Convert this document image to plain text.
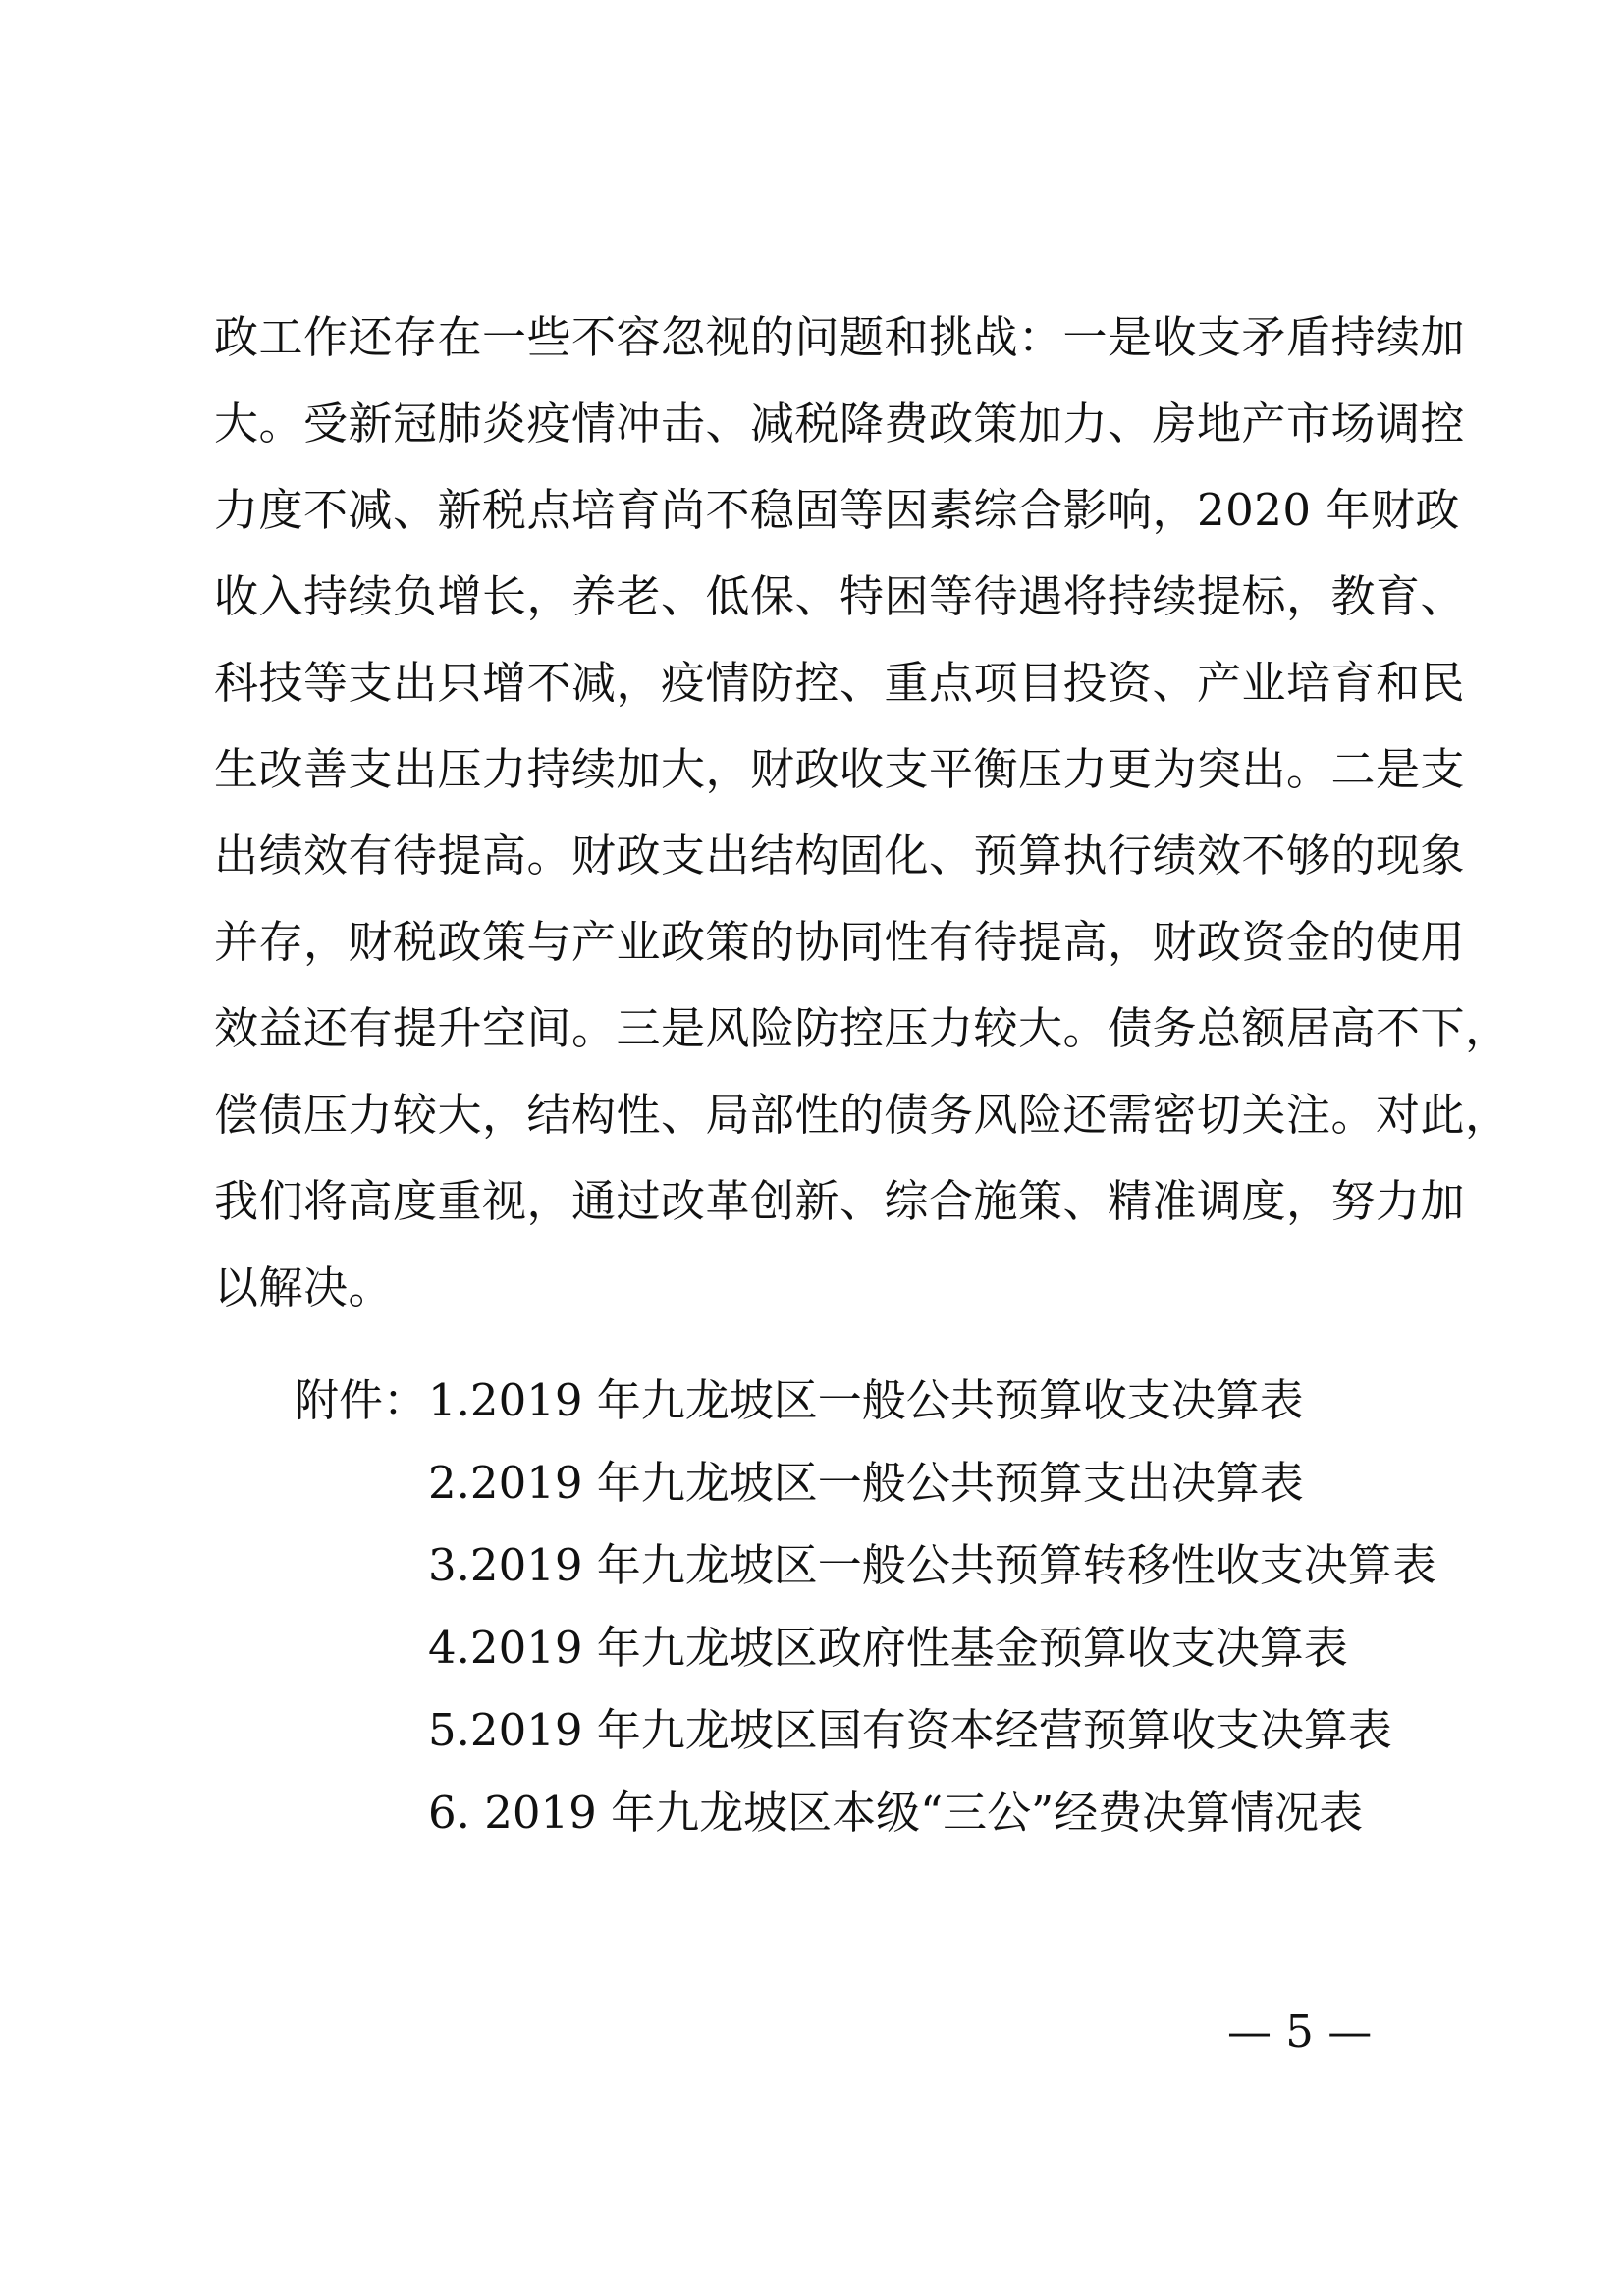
政工作还存在一些不容忽视的问题和挑战：一是收支矛盾持续加
大。受新冠肺炎疫情冲击、减税降费政策加力、房地产市场调控
力度不减、新税点培育尚不稳固等因素综合影响，2020 年财政
收入持续负增长，养老、低保、特困等待遇将持续提标，教育、
科技等支出只增不减，疫情防控、重点项目投资、产业培育和民
生改善支出压力持续加大，财政收支平衡压力更为突出。二是支
出绩效有待提高。财政支出结构固化、预算执行绩效不够的现象
并存，财税政策与产业政策的协同性有待提高，财政资金的使用
效益还有提升空间。三是风险防控压力较大。债务总额居高不下，
偿债压力较大，结构性、局部性的债务风险还需密切关注。对此，
我们将高度重视，通过改革创新、综合施策、精准调度，努力加
以解决。
附件： 1.2019 年九龙坡区一般公共预算收支决算表
2.2019 年九龙坡区一般公共预算支出决算表
3.2019 年九龙坡区一般公共预算转移性收支决算表
4.2019 年九龙坡区政府性基金预算收支决算表
5.2019 年九龙坡区国有资本经营预算收支决算表
6. 2019 年九龙坡区本级“三公”经费决算情况表
— 5 —
